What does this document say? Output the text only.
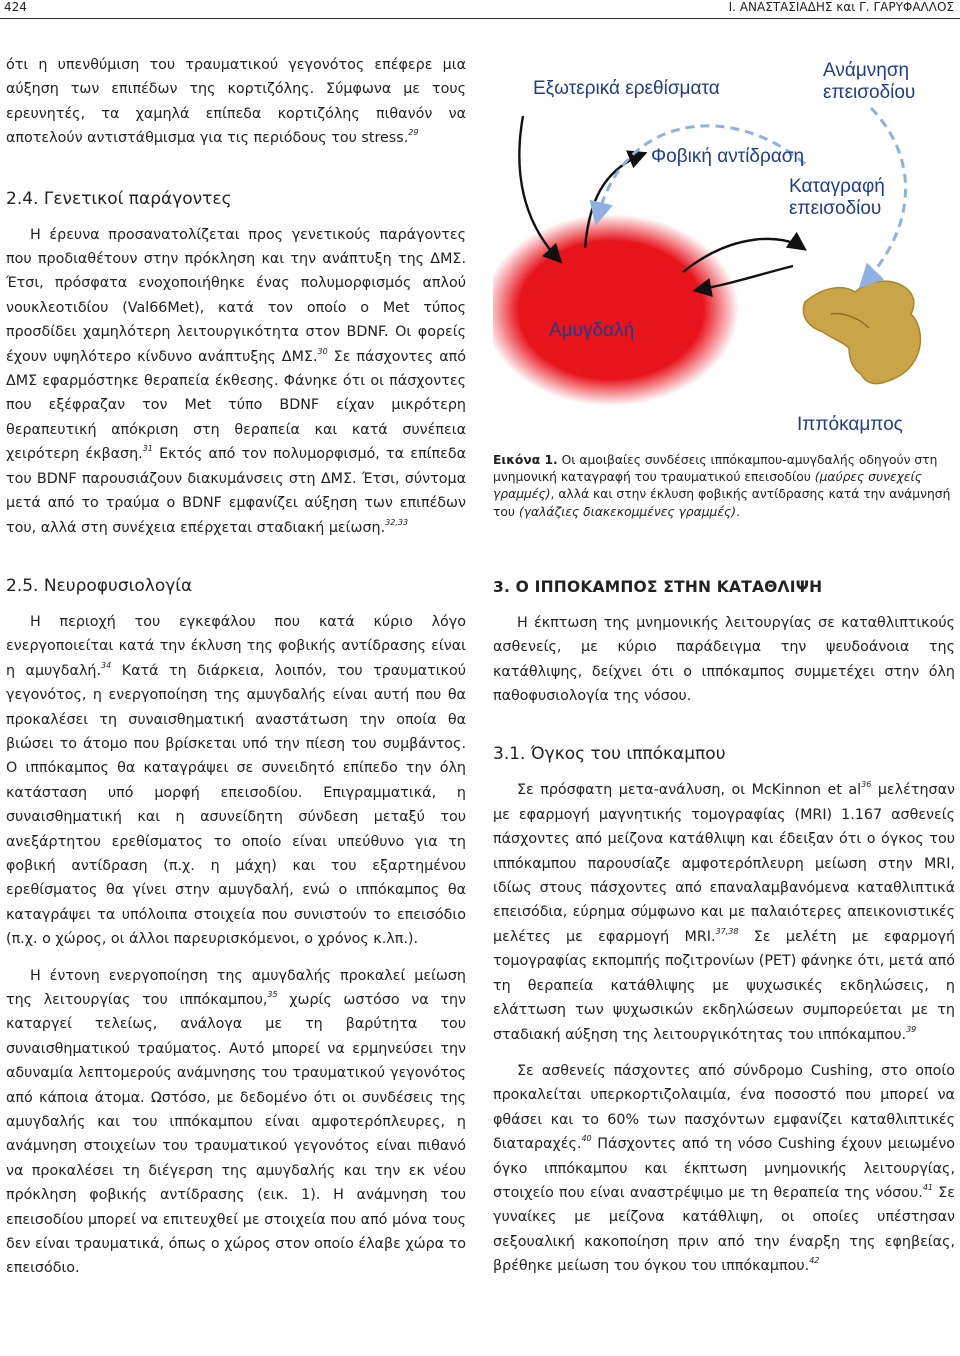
424	Ι. ΑΝΑΣΤΑΣΙΑΔΗΣ και Γ. ΓΑΡΥΦΑΛΛΟΣ

ότι η υπενθύμιση του τραυματικού γεγονότος επέφερε μια αύξηση των επιπέδων της κορτιζόλης. Σύμφωνα με τους ερευνητές, τα χαμηλά επίπεδα κορτιζόλης πιθανόν να αποτελούν αντιστάθμισμα για τις περιόδους του stress.$^{29}$

2.4. Γενετικοί παράγοντες

Η έρευνα προσανατολίζεται προς γενετικούς παράγοντες που προδιαθέτουν στην πρόκληση και την ανάπτυξη της ΔΜΣ. Έτσι, πρόσφατα ενοχοποιήθηκε ένας πολυμορφισμός απλού νουκλεοτιδίου (Val66Met), κατά τον οποίο ο Met τύπος προσδίδει χαμηλότερη λειτουργικότητα στον BDNF. Οι φορείς έχουν υψηλότερο κίνδυνο ανάπτυξης ΔΜΣ.$^{30}$ Σε πάσχοντες από ΔΜΣ εφαρμόστηκε θεραπεία έκθεσης. Φάνηκε ότι οι πάσχοντες που εξέφραζαν τον Met τύπο BDNF είχαν μικρότερη θεραπευτική απόκριση στη θεραπεία και κατά συνέπεια χειρότερη έκβαση.$^{31}$ Εκτός από τον πολυμορφισμό, τα επίπεδα του BDNF παρουσιάζουν διακυμάνσεις στη ΔΜΣ. Έτσι, σύντομα μετά από το τραύμα ο BDNF εμφανίζει αύξηση των επιπέδων του, αλλά στη συνέχεια επέρχεται σταδιακή μείωση.$^{32,33}$

2.5. Νευροφυσιολογία

Η περιοχή του εγκεφάλου που κατά κύριο λόγο ενεργοποιείται κατά την έκλυση της φοβικής αντίδρασης είναι η αμυγδαλή.$^{34}$ Κατά τη διάρκεια, λοιπόν, του τραυματικού γεγονότος, η ενεργοποίηση της αμυγδαλής είναι αυτή που θα προκαλέσει τη συναισθηματική αναστάτωση την οποία θα βιώσει το άτομο που βρίσκεται υπό την πίεση του συμβάντος. Ο ιππόκαμπος θα καταγράψει σε συνειδητό επίπεδο την όλη κατάσταση υπό μορφή επεισοδίου. Επιγραμματικά, η συναισθηματική και η ασυνείδητη σύνδεση μεταξύ του ανεξάρτητου ερεθίσματος το οποίο είναι υπεύθυνο για τη φοβική αντίδραση (π.χ. η μάχη) και του εξαρτημένου ερεθίσματος θα γίνει στην αμυγδαλή, ενώ ο ιππόκαμπος θα καταγράψει τα υπόλοιπα στοιχεία που συνιστούν το επεισόδιο (π.χ. ο χώρος, οι άλλοι παρευρισκόμενοι, ο χρόνος κ.λπ.).

Η έντονη ενεργοποίηση της αμυγδαλής προκαλεί μείωση της λειτουργίας του ιππόκαμπου,$^{35}$ χωρίς ωστόσο να την καταργεί τελείως, ανάλογα με τη βαρύτητα του συναισθηματικού τραύματος. Αυτό μπορεί να ερμηνεύσει την αδυναμία λεπτομερούς ανάμνησης του τραυματικού γεγονότος από κάποια άτομα. Ωστόσο, με δεδομένο ότι οι συνδέσεις της αμυγδαλής και του ιππόκαμπου είναι αμφοτερόπλευρες, η ανάμνηση στοιχείων του τραυματικού γεγονότος είναι πιθανό να προκαλέσει τη διέγερση της αμυγδαλής και την εκ νέου πρόκληση φοβικής αντίδρασης (εικ. 1). Η ανάμνηση του επεισοδίου μπορεί να επιτευχθεί με στοιχεία που από μόνα τους δεν είναι τραυματικά, όπως ο χώρος στον οποίο έλαβε χώρα το επεισόδιο.

Εξωτερικά ερεθίσματα
Ανάμνηση
επεισοδίου
Φοβική αντίδραση
Καταγραφή
επεισοδίου
Αμυγδαλή
Ιππόκαμπος

Εικόνα 1. Οι αμοιβαίες συνδέσεις ιππόκαμπου-αμυγδαλής οδηγούν στη μνημονική καταγραφή του τραυματικού επεισοδίου (μαύρες συνεχείς γραμμές), αλλά και στην έκλυση φοβικής αντίδρασης κατά την ανάμνησή του (γαλάζιες διακεκομμένες γραμμές).

3. Ο ΙΠΠΟΚΑΜΠΟΣ ΣΤΗΝ ΚΑΤΑΘΛΙΨΗ

Η έκπτωση της μνημονικής λειτουργίας σε καταθλιπτικούς ασθενείς, με κύριο παράδειγμα την ψευδοάνοια της κατάθλιψης, δείχνει ότι ο ιππόκαμπος συμμετέχει στην όλη παθοφυσιολογία της νόσου.

3.1. Όγκος του ιππόκαμπου

Σε πρόσφατη μετα-ανάλυση, οι McKinnon et $al^{36}$ μελέτησαν με εφαρμογή μαγνητικής τομογραφίας (MRI) 1.167 ασθενείς πάσχοντες από μείζονα κατάθλιψη και έδειξαν ότι ο όγκος του ιππόκαμπου παρουσίαζε αμφοτερόπλευρη μείωση στην MRI, ιδίως στους πάσχοντες από επαναλαμβανόμενα καταθλιπτικά επεισόδια, εύρημα σύμφωνο και με παλαιότερες απεικονιστικές μελέτες με εφαρμογή MRI.$^{37,38}$ Σε μελέτη με εφαρμογή τομογραφίας εκπομπής ποζιτρονίων (PET) φάνηκε ότι, μετά από τη θεραπεία κατάθλιψης με ψυχωσικές εκδηλώσεις, η ελάττωση των ψυχωσικών εκδηλώσεων συμπορεύεται με τη σταδιακή αύξηση της λειτουργικότητας του ιππόκαμπου.$^{39}$

Σε ασθενείς πάσχοντες από σύνδρομο Cushing, στο οποίο προκαλείται υπερκορτιζολαιμία, ένα ποσοστό που μπορεί να φθάσει και το 60% των πασχόντων εμφανίζει καταθλιπτικές διαταραχές.$^{40}$ Πάσχοντες από τη νόσο Cushing έχουν μειωμένο όγκο ιππόκαμπου και έκπτωση μνημονικής λειτουργίας, στοιχείο που είναι αναστρέψιμο με τη θεραπεία της νόσου.$^{41}$ Σε γυναίκες με μείζονα κατάθλιψη, οι οποίες υπέστησαν σεξουαλική κακοποίηση πριν από την έναρξη της εφηβείας, βρέθηκε μείωση του όγκου του ιππόκαμπου.$^{42}$
